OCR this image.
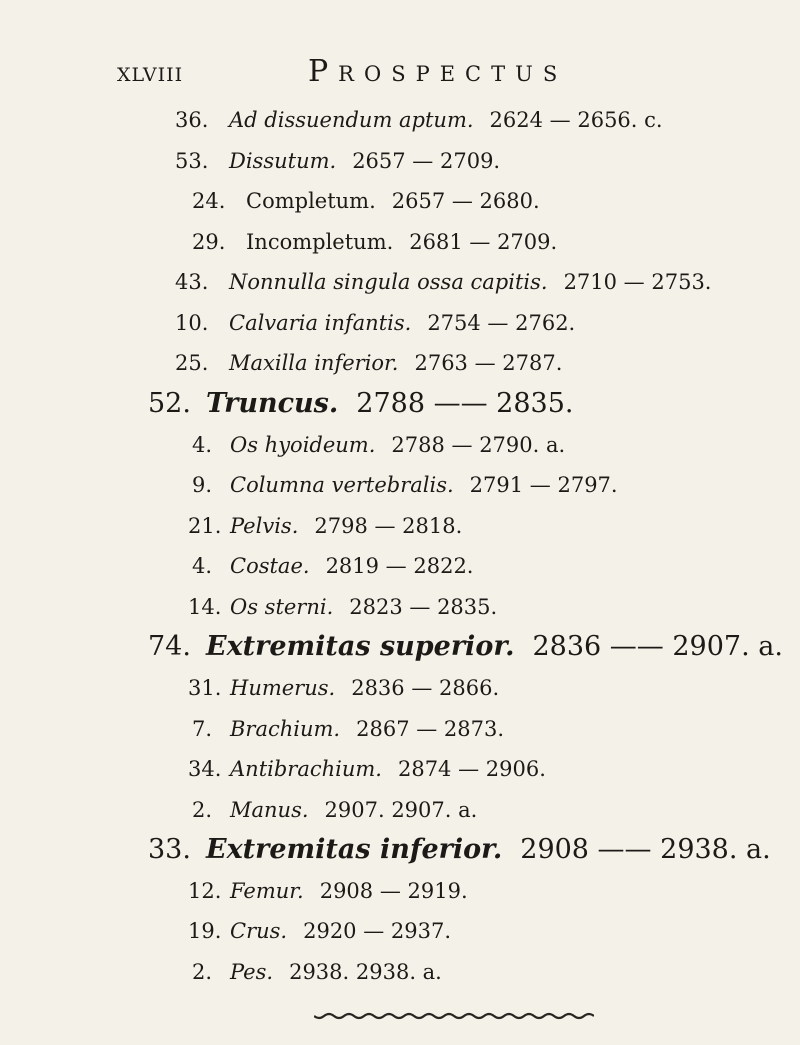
XLVIII	Prospectus
36. Ad dissuendum aptum. 2624 — 2656. c.
53. Dissutum. 2657 — 2709.
24. Completum. 2657 — 2680.
29. Incompletum. 2681 — 2709.
43. Nonnulla singula ossa capitis. 2710 — 2753.
10. Calvaria infantis. 2754 — 2762.
25. Maxilla inferior. 2763 — 2787.
52. Truncus. 2788 —— 2835.
4. Os hyoideum. 2788 — 2790. a.
9. Columna vertebralis. 2791 — 2797.
21. Pelvis. 2798 — 2818.
4. Costae. 2819 — 2822.
14. Os sterni. 2823 — 2835.
74. Extremitas superior. 2836 —— 2907. a.
31. Humerus. 2836 — 2866.
7. Brachium. 2867 — 2873.
34. Antibrachium. 2874 — 2906.
2. Manus. 2907. 2907. a.
33. Extremitas inferior. 2908 —— 2938. a.
12. Femur. 2908 — 2919.
19. Crus. 2920 — 2937.
2. Pes. 2938. 2938. a.
